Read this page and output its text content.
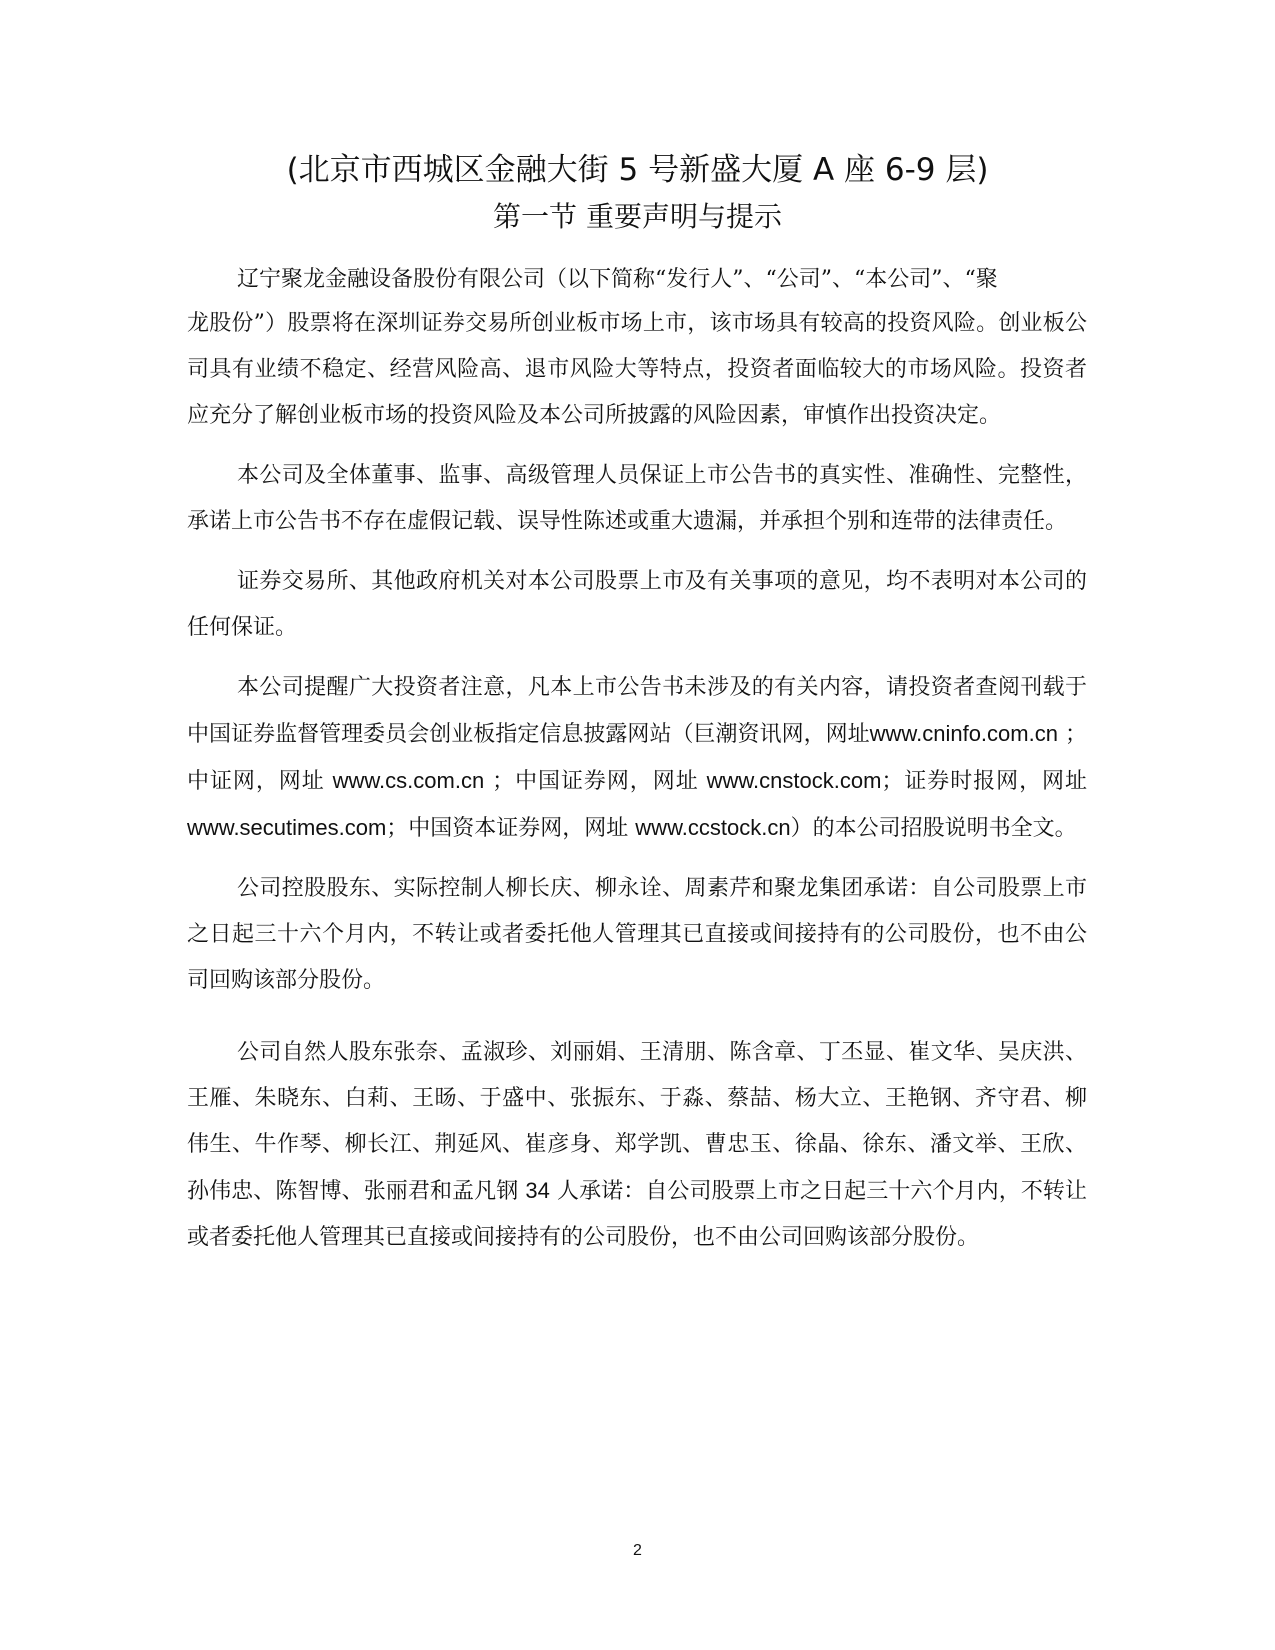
(北京市西城区金融大街 5 号新盛大厦 A 座 6-9 层)
第一节 重要声明与提示

辽宁聚龙金融设备股份有限公司（以下简称“发行人”、“公司”、“本公司”、“聚

龙股份”）股票将在深圳证券交易所创业板市场上市，该市场具有较高的投资风险。创业板公司具有业绩不稳定、经营风险高、退市风险大等特点，投资者面临较大的市场风险。投资者应充分了解创业板市场的投资风险及本公司所披露的风险因素，审慎作出投资决定。

本公司及全体董事、监事、高级管理人员保证上市公告书的真实性、准确性、完整性，承诺上市公告书不存在虚假记载、误导性陈述或重大遗漏，并承担个别和连带的法律责任。

证券交易所、其他政府机关对本公司股票上市及有关事项的意见，均不表明对本公司的任何保证。

本公司提醒广大投资者注意，凡本上市公告书未涉及的有关内容，请投资者查阅刊载于中国证券监督管理委员会创业板指定信息披露网站（巨潮资讯网，网址www.cninfo.com.cn ；中证网，网址 www.cs.com.cn ；中国证券网，网址 www.cnstock.com；证券时报网，网址 www.secutimes.com；中国资本证券网，网址 www.ccstock.cn）的本公司招股说明书全文。

公司控股股东、实际控制人柳长庆、柳永诠、周素芹和聚龙集团承诺：自公司股票上市之日起三十六个月内，不转让或者委托他人管理其已直接或间接持有的公司股份，也不由公司回购该部分股份。

公司自然人股东张奈、孟淑珍、刘丽娟、王清朋、陈含章、丁丕显、崔文华、吴庆洪、王雁、朱晓东、白莉、王旸、于盛中、张振东、于淼、蔡喆、杨大立、王艳钢、齐守君、柳伟生、牛作琴、柳长江、荆延风、崔彦身、郑学凯、曹忠玉、徐晶、徐东、潘文举、王欣、孙伟忠、陈智博、张丽君和孟凡钢 34 人承诺：自公司股票上市之日起三十六个月内，不转让或者委托他人管理其已直接或间接持有的公司股份，也不由公司回购该部分股份。

2
